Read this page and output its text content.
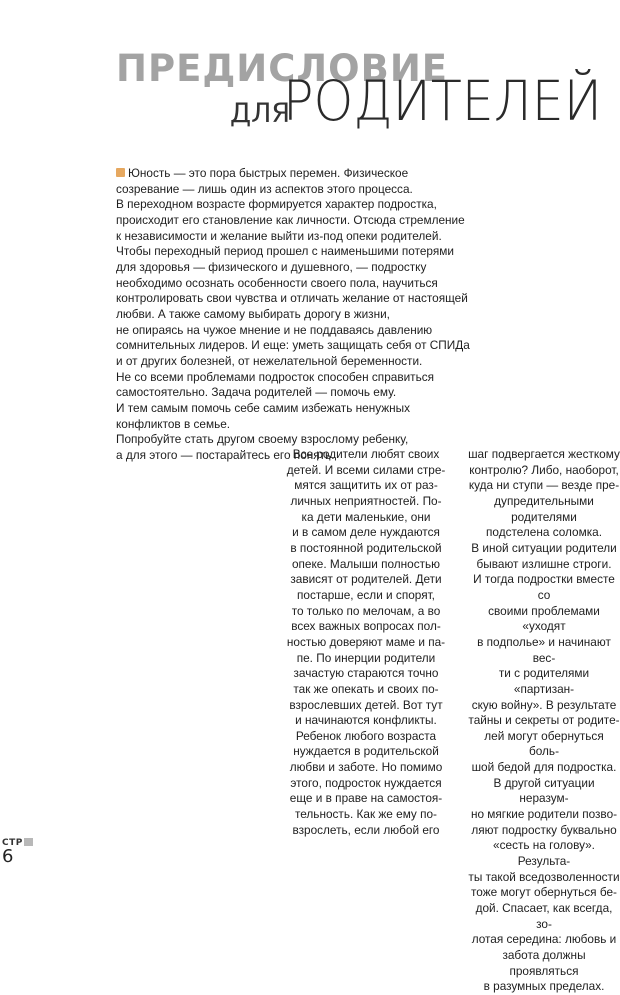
ПРЕДИСЛОВИЕ
ДЛЯ
РОДИТЕЛЕЙ

Юность — это пора быстрых перемен. Физическое

созревание — лишь один из аспектов этого процесса.

В переходном возрасте формируется характер подростка,

происходит его становление как личности. Отсюда стремление

к независимости и желание выйти из-под опеки родителей.

Чтобы переходный период прошел с наименьшими потерями

для здоровья — физического и душевного, — подростку

необходимо осознать особенности своего пола, научиться

контролировать свои чувства и отличать желание от настоящей

любви. А также самому выбирать дорогу в жизни,

не опираясь на чужое мнение и не поддаваясь давлению

сомнительных лидеров. И еще: уметь защищать себя от СПИДа

и от других болезней, от нежелательной беременности.

Не со всеми проблемами подросток способен справиться

самостоятельно. Задача родителей — помочь ему.

И тем самым помочь себе самим избежать ненужных

конфликтов в семье.

Попробуйте стать другом своему взрослому ребенку,

а для этого — постарайтесь его понять.

Все родители любят своих

детей. И всеми силами стре-

мятся защитить их от раз-

личных неприятностей. По-

ка дети маленькие, они

и в самом деле нуждаются

в постоянной родительской

опеке. Малыши полностью

зависят от родителей. Дети

постарше, если и спорят,

то только по мелочам, а во

всех важных вопросах пол-

ностью доверяют маме и па-

пе. По инерции родители

зачастую стараются точно

так же опекать и своих по-

взрослевших детей. Вот тут

и начинаются конфликты.

Ребенок любого возраста

нуждается в родительской

любви и заботе. Но помимо

этого, подросток нуждается

еще и в праве на самостоя-

тельность. Как же ему по-

взрослеть, если любой его

шаг подвергается жесткому

контролю? Либо, наоборот,

куда ни ступи — везде пре-

дупредительными родителями

подстелена соломка.

В иной ситуации родители

бывают излишне строги.

И тогда подростки вместе со

своими проблемами «уходят

в подполье» и начинают вес-

ти с родителями «партизан-

скую войну». В результате

тайны и секреты от родите-

лей могут обернуться боль-

шой бедой для подростка.

В другой ситуации неразум-

но мягкие родители позво-

ляют подростку буквально

«сесть на голову». Результа-

ты такой вседозволенности

тоже могут обернуться бе-

дой. Спасает, как всегда, зо-

лотая середина: любовь и

забота должны проявляться

в разумных пределах.

СТР
6
